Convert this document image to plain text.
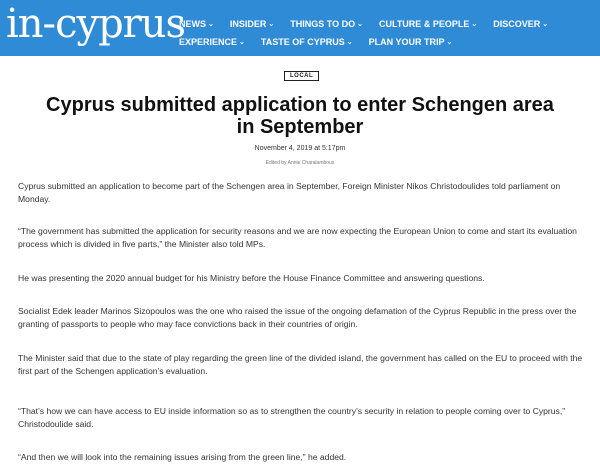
in-cyprus
NEWS ⌄ INSIDER ⌄ THINGS TO DO ⌄ CULTURE & PEOPLE ⌄ DISCOVER ⌄
EXPERIENCE ⌄ TASTE OF CYPRUS ⌄ PLAN YOUR TRIP ⌄
LOCAL
Cyprus submitted application to enter Schengen area in September
November 4, 2019 at 5:17pm
Edited by Annie Charalambous

Cyprus submitted an application to become part of the Schengen area in September, Foreign Minister Nikos Christodoulides told parliament on Monday.

“The government has submitted the application for security reasons and we are now expecting the European Union to come and start its evaluation process which is divided in five parts,” the Minister also told MPs.

He was presenting the 2020 annual budget for his Ministry before the House Finance Committee and answering questions.

Socialist Edek leader Marinos Sizopoulos was the one who raised the issue of the ongoing defamation of the Cyprus Republic in the press over the granting of passports to people who may face convictions back in their countries of origin.

The Minister said that due to the state of play regarding the green line of the divided island, the government has called on the EU to proceed with the first part of the Schengen application’s evaluation.

“That’s how we can have access to EU inside information so as to strengthen the country’s security in relation to people coming over to Cyprus,” Christodoulide said.

“And then we will look into the remaining issues arising from the green line,” he added.
